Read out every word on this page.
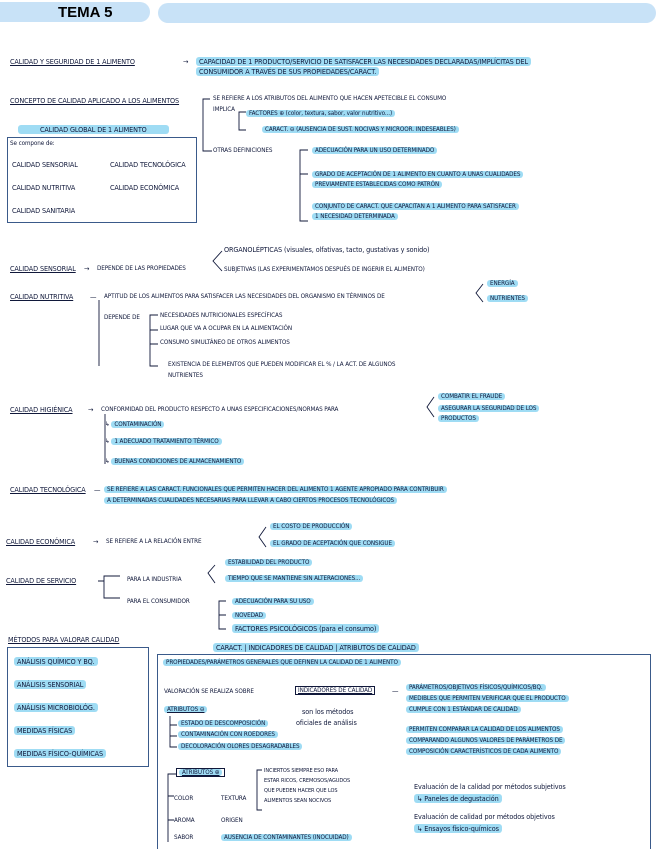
TEMA 5
CALIDAD Y SEGURIDAD DE 1 ALIMENTO	→	CAPACIDAD DE 1 PRODUCTO/SERVICIO DE SATISFACER LAS NECESIDADES DECLARADAS/IMPLÍCITAS DEL
CONSUMIDOR A TRAVÉS DE SUS PROPIEDADES/CARACT.
CONCEPTO DE CALIDAD APLICADO A LOS ALIMENTOS	SE REFIERE A LOS ATRIBUTOS DEL ALIMENTO QUE HACEN APETECIBLE EL CONSUMO
IMPLICA
FACTORES ⊕ (color, textura, sabor, valor nutritivo...)
CARACT. ⊖ (AUSENCIA DE SUST. NOCIVAS Y MICROOR. INDESEABLES)
OTRAS DEFINICIONES	ADECUACIÓN PARA UN USO DETERMINADO
GRADO DE ACEPTACIÓN DE 1 ALIMENTO EN CUANTO A UNAS CUALIDADES
PREVIAMENTE ESTABLECIDAS COMO PATRÓN
CONJUNTO DE CARACT. QUE CAPACITAN A 1 ALIMENTO PARA SATISFACER
1 NECESIDAD DETERMINADA
CALIDAD GLOBAL DE 1 ALIMENTO
Se compone de:
CALIDAD SENSORIAL	CALIDAD TECNOLÓGICA
CALIDAD NUTRITIVA	CALIDAD ECONÓMICA
CALIDAD SANITARIA
CALIDAD SENSORIAL → DEPENDE DE LAS PROPIEDADES
ORGANOLÉPTICAS (visuales, olfativas, tacto, gustativas y sonido)
SUBJETIVAS (LAS EXPERIMENTAMOS DESPUÉS DE INGERIR EL ALIMENTO)
CALIDAD NUTRITIVA — APTITUD DE LOS ALIMENTOS PARA SATISFACER LAS NECESIDADES DEL ORGANISMO EN TÉRMINOS DE
ENERGÍA
NUTRIENTES
DEPENDE DE	NECESIDADES NUTRICIONALES ESPECÍFICAS
LUGAR QUE VA A OCUPAR EN LA ALIMENTACIÓN
CONSUMO SIMULTÁNEO DE OTROS ALIMENTOS
EXISTENCIA DE ELEMENTOS QUE PUEDEN MODIFICAR EL % / LA ACT. DE ALGUNOS
NUTRIENTES
CALIDAD HIGIÉNICA → CONFORMIDAD DEL PRODUCTO RESPECTO A UNAS ESPECIFICACIONES/NORMAS PARA
COMBATIR EL FRAUDE
ASEGURAR LA SEGURIDAD DE LOS
PRODUCTOS
↳ CONTAMINACIÓN
↳ 1 ADECUADO TRATAMIENTO TÉRMICO
↳ BUENAS CONDICIONES DE ALMACENAMIENTO
CALIDAD TECNOLÓGICA —	SE REFIERE A LAS CARACT. FUNCIONALES QUE PERMITEN HACER DEL ALIMENTO 1 AGENTE APROPIADO PARA CONTRIBUIR
A DETERMINADAS CUALIDADES NECESARIAS PARA LLEVAR A CABO CIERTOS PROCESOS TECNOLÓGICOS
CALIDAD ECONÓMICA → SE REFIERE A LA RELACIÓN ENTRE
EL COSTO DE PRODUCCIÓN
EL GRADO DE ACEPTACIÓN QUE CONSIGUE
CALIDAD DE SERVICIO	PARA LA INDUSTRIA
ESTABILIDAD DEL PRODUCTO
TIEMPO QUE SE MANTIENE SIN ALTERACIONES...
PARA EL CONSUMIDOR	ADECUACIÓN PARA SU USO
NOVEDAD
FACTORES PSICOLÓGICOS (para el consumo)
MÉTODOS PARA VALORAR CALIDAD
ANÁLISIS QUÍMICO Y BQ.
ANÁLISIS SENSORIAL
ANÁLISIS MICROBIOLÓG.
MEDIDAS FÍSICAS
MEDIDAS FÍSICO-QUÍMICAS
CARACT. | INDICADORES DE CALIDAD | ATRIBUTOS DE CALIDAD
PROPIEDADES/PARÁMETROS GENERALES QUE DEFINEN LA CALIDAD DE 1 ALIMENTO
VALORACIÓN SE REALIZA SOBRE	INDICADORES DE CALIDAD	—	PARÁMETROS/OBJETIVOS FÍSICOS/QUÍMICOS/BQ.
MEDIBLES QUE PERMITEN VERIFICAR QUE EL PRODUCTO
CUMPLE CON 1 ESTÁNDAR DE CALIDAD
PERMITEN COMPARAR LA CALIDAD DE LOS ALIMENTOS
COMPARANDO ALGUNOS VALORES DE PARÁMETROS DE
COMPOSICIÓN CARACTERÍSTICOS DE CADA ALIMENTO
son los métodos
oficiales de análisis
ATRIBUTOS ⊖
ESTADO DE DESCOMPOSICIÓN
CONTAMINACIÓN CON ROEDORES
DECOLORACIÓN OLORES DESAGRADABLES
ATRIBUTOS ⊕
COLOR	TEXTURA
AROMA	ORIGEN
SABOR	AUSENCIA DE CONTAMINANTES (INOCUIDAD)
INCIERTOS SIEMPRE ESO PARA
ESTAR RICOS, CREMOSOS/AGUDOS
QUE PUEDEN HACER QUE LOS
ALIMENTOS SEAN NOCIVOS
Evaluación de la calidad por métodos subjetivos
↳ Paneles de degustación
Evaluación de calidad por métodos objetivos
↳ Ensayos físico-químicos
